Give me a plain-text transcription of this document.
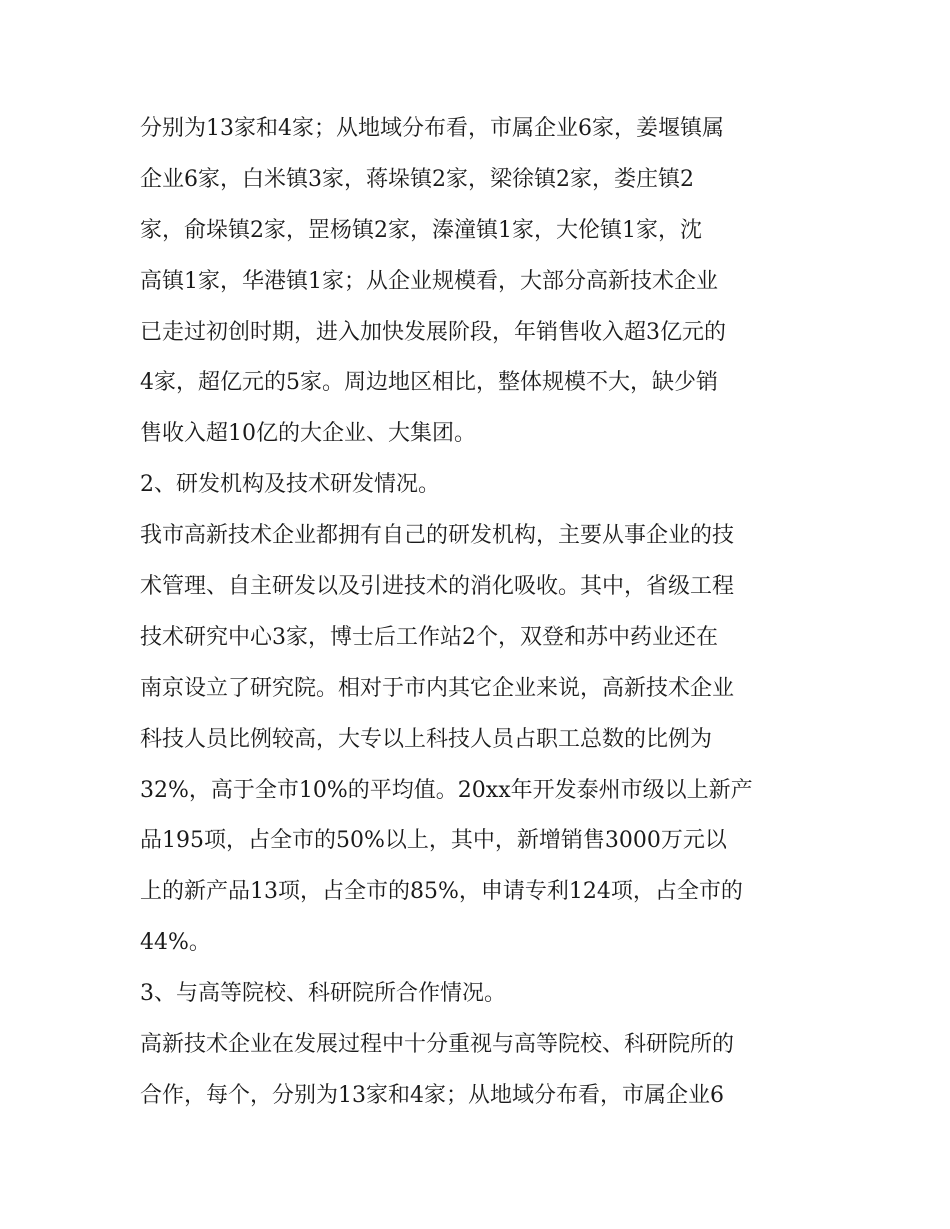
分别为13家和4家；从地域分布看，市属企业6家，姜堰镇属
企业6家，白米镇3家，蒋垛镇2家，梁徐镇2家，娄庄镇2
家，俞垛镇2家，罡杨镇2家，溱潼镇1家，大伦镇1家，沈
高镇1家，华港镇1家；从企业规模看，大部分高新技术企业
已走过初创时期，进入加快发展阶段，年销售收入超3亿元的
4家，超亿元的5家。周边地区相比，整体规模不大，缺少销
售收入超10亿的大企业、大集团。
2、研发机构及技术研发情况。
我市高新技术企业都拥有自己的研发机构，主要从事企业的技
术管理、自主研发以及引进技术的消化吸收。其中，省级工程
技术研究中心3家，博士后工作站2个，双登和苏中药业还在
南京设立了研究院。相对于市内其它企业来说，高新技术企业
科技人员比例较高，大专以上科技人员占职工总数的比例为
32%，高于全市10%的平均值。20xx年开发泰州市级以上新产
品195项，占全市的50%以上，其中，新增销售3000万元以
上的新产品13项，占全市的85%，申请专利124项，占全市的
44%。
3、与高等院校、科研院所合作情况。
高新技术企业在发展过程中十分重视与高等院校、科研院所的
合作，每个，分别为13家和4家；从地域分布看，市属企业6
